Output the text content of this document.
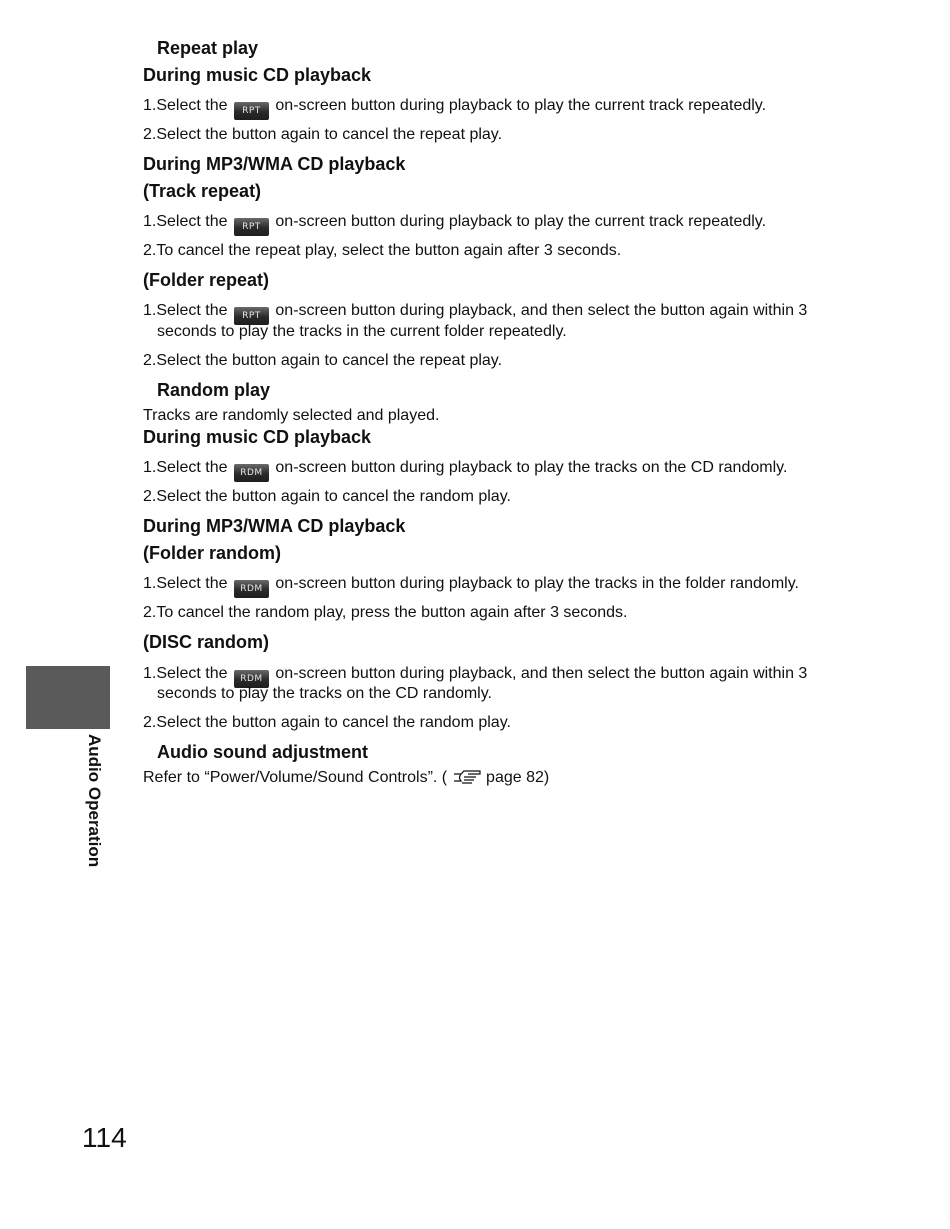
Audio Operation
Repeat play
During music CD playback
1.Select the RPT on-screen button during playback to play the current track repeatedly.
2.Select the button again to cancel the repeat play.
During MP3/WMA CD playback
(Track repeat)
1.Select the RPT on-screen button during playback to play the current track repeatedly.
2.To cancel the repeat play, select the button again after 3 seconds.
(Folder repeat)
1.Select the RPT on-screen button during playback, and then select the button again within 3
seconds to play the tracks in the current folder repeatedly.
2.Select the button again to cancel the repeat play.
Random play
Tracks are randomly selected and played.
During music CD playback
1.Select the RDM on-screen button during playback to play the tracks on the CD randomly.
2.Select the button again to cancel the random play.
During MP3/WMA CD playback
(Folder random)
1.Select the RDM on-screen button during playback to play the tracks in the folder randomly.
2.To cancel the random play, press the button again after 3 seconds.
(DISC random)
1.Select the RDM on-screen button during playback, and then select the button again within 3
seconds to play the tracks on the CD randomly.
2.Select the button again to cancel the random play.
Audio sound adjustment
Refer to “Power/Volume/Sound Controls”. ( page 82)
114
